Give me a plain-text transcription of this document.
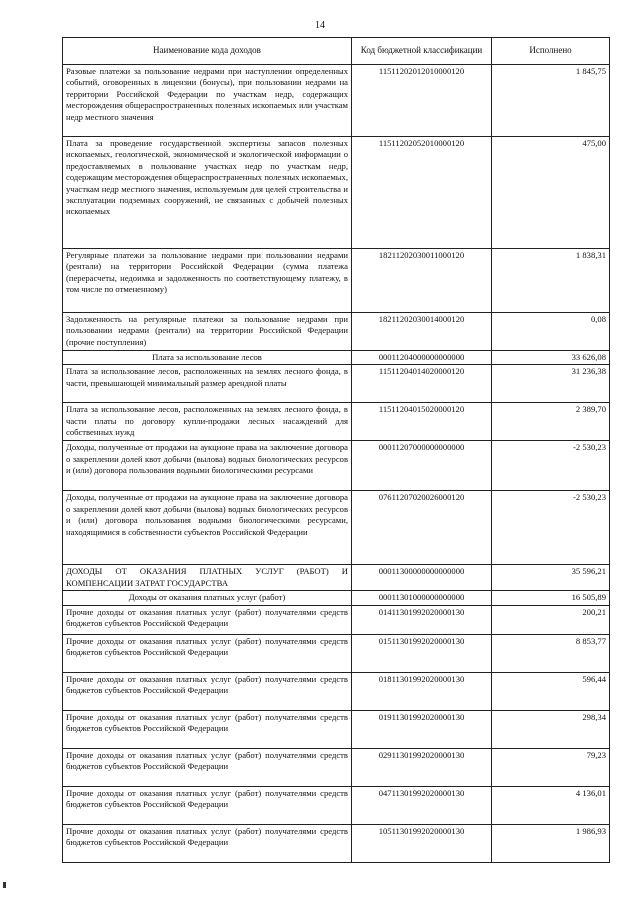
14
Наименование кода доходов	Код бюджетной классификации	Исполнено
Разовые платежи за пользование недрами при наступлении определенных событий, оговоренных в лицензии (бонусы), при пользовании недрами на территории Российской Федерации по участкам недр, содержащих месторождения общераспространенных полезных ископаемых или участкам недр местного значения	11511202012010000120	1 845,75
Плата за проведение государственной экспертизы запасов полезных ископаемых, геологической, экономической и экологической информации о предоставляемых в пользование участках недр по участкам недр, содержащим месторождения общераспространенных полезных ископаемых, участкам недр местного значения, используемым для целей строительства и эксплуатации подземных сооружений, не связанных с добычей полезных ископаемых	11511202052010000120	475,00
Регулярные платежи за пользование недрами при пользовании недрами (рентали) на территории Российской Федерации (сумма платежа (перерасчеты, недоимка и задолженность по соответствующему платежу, в том числе по отмененному)	18211202030011000120	1 838,31
Задолженность на регулярные платежи за пользование недрами при пользовании недрами (рентали) на территории Российской Федерации (прочие поступления)	18211202030014000120	0,08
Плата за использование лесов	00011204000000000000	33 626,08
Плата за использование лесов, расположенных на землях лесного фонда, в части, превышающей минимальный размер арендной платы	11511204014020000120	31 236,38
Плата за использование лесов, расположенных на землях лесного фонда, в части платы по договору купли-продажи лесных насаждений для собственных нужд	11511204015020000120	2 389,70
Доходы, полученные от продажи на аукционе права на заключение договора о закреплении долей квот добычи (вылова) водных биологических ресурсов и (или) договора пользования водными биологическими ресурсами	00011207000000000000	-2 530,23
Доходы, полученные от продажи на аукционе права на заключение договора о закреплении долей квот добычи (вылова) водных биологических ресурсов и (или) договора пользования водными биологическими ресурсами, находящимися в собственности субъектов Российской Федерации	07611207020026000120	-2 530,23
ДОХОДЫ ОТ ОКАЗАНИЯ ПЛАТНЫХ УСЛУГ (РАБОТ) И КОМПЕНСАЦИИ ЗАТРАТ ГОСУДАРСТВА	00011300000000000000	35 596,21
Доходы от оказания платных услуг (работ)	00011301000000000000	16 505,89
Прочие доходы от оказания платных услуг (работ) получателями средств бюджетов субъектов Российской Федерации	01411301992020000130	200,21
Прочие доходы от оказания платных услуг (работ) получателями средств бюджетов субъектов Российской Федерации	01511301992020000130	8 853,77
Прочие доходы от оказания платных услуг (работ) получателями средств бюджетов субъектов Российской Федерации	01811301992020000130	596,44
Прочие доходы от оказания платных услуг (работ) получателями средств бюджетов субъектов Российской Федерации	01911301992020000130	298,34
Прочие доходы от оказания платных услуг (работ) получателями средств бюджетов субъектов Российской Федерации	02911301992020000130	79,23
Прочие доходы от оказания платных услуг (работ) получателями средств бюджетов субъектов Российской Федерации	04711301992020000130	4 136,01
Прочие доходы от оказания платных услуг (работ) получателями средств бюджетов субъектов Российской Федерации	10511301992020000130	1 986,93
